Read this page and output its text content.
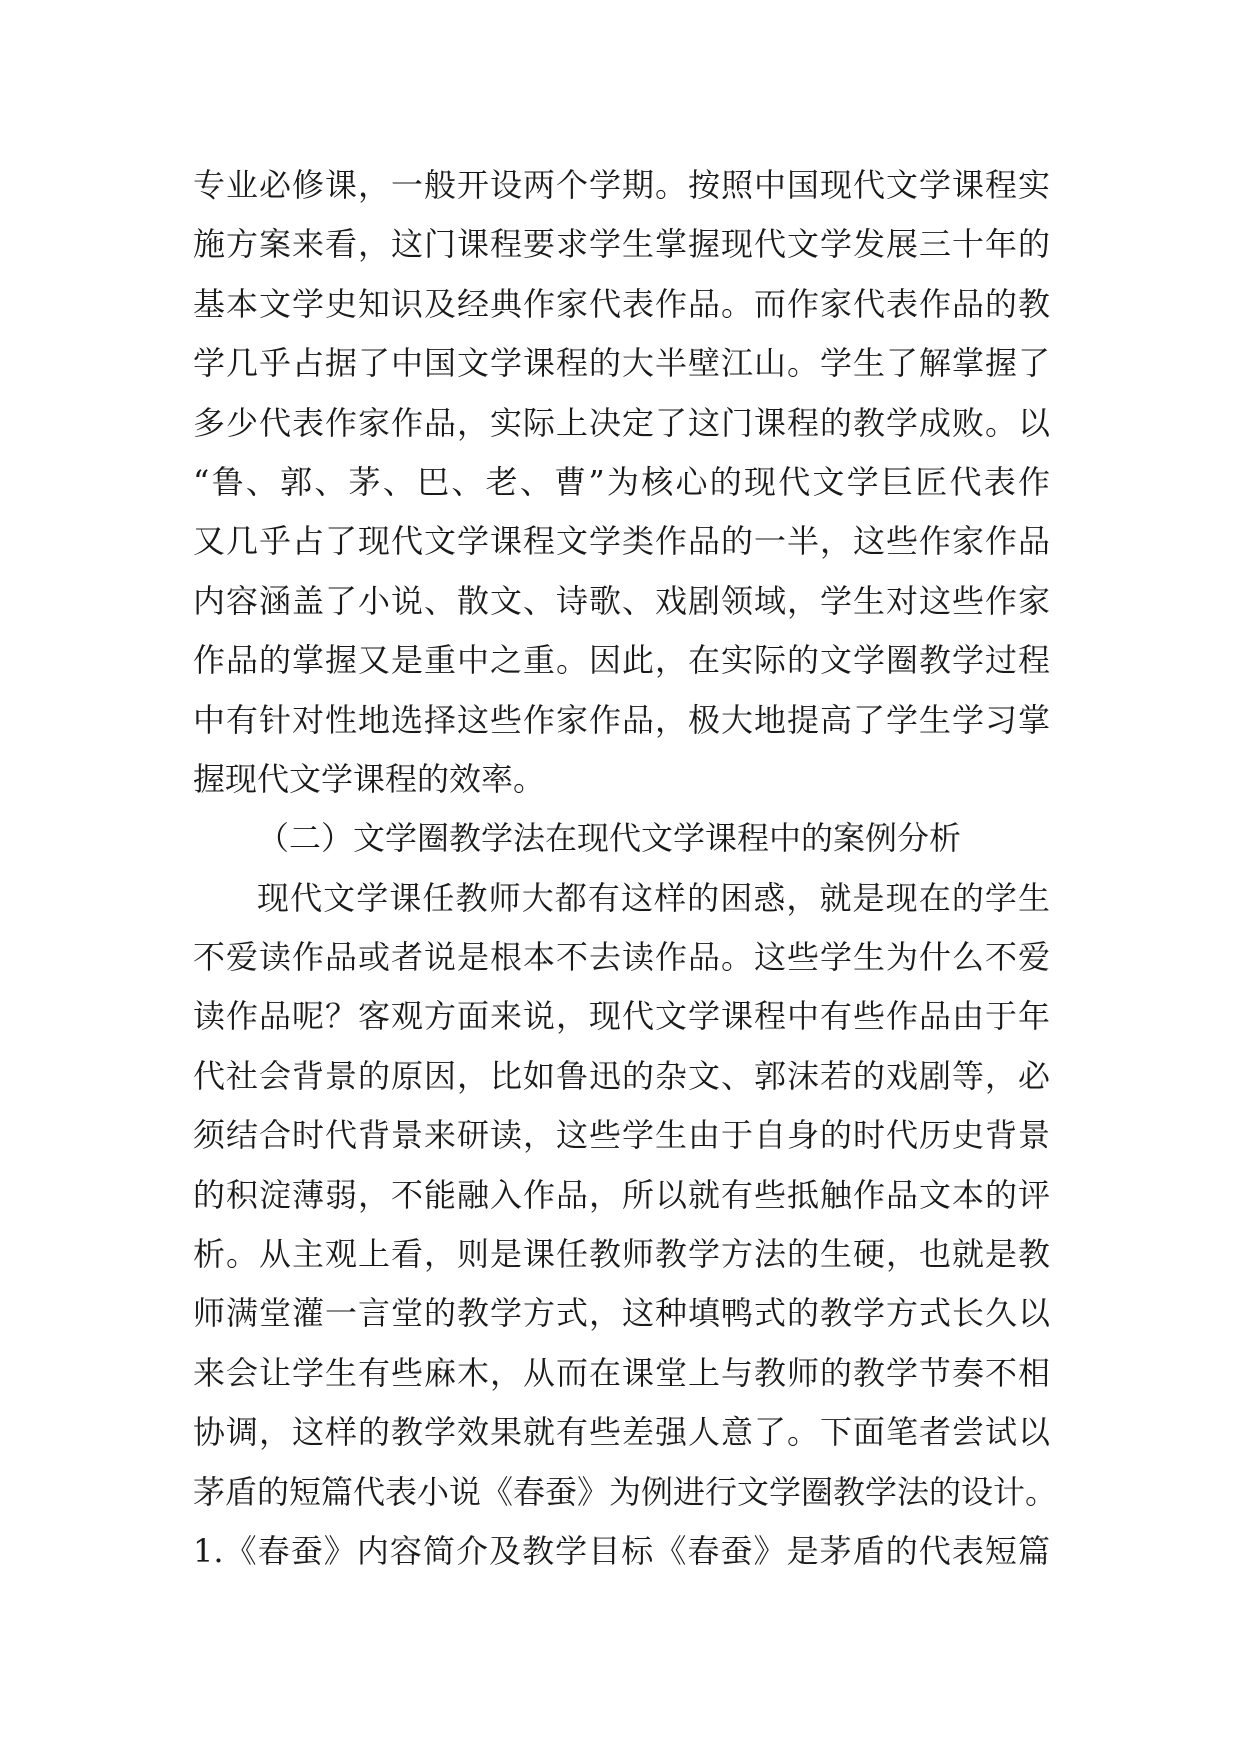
专业必修课，一般开设两个学期。按照中国现代文学课程实
施方案来看，这门课程要求学生掌握现代文学发展三十年的
基本文学史知识及经典作家代表作品。而作家代表作品的教
学几乎占据了中国文学课程的大半壁江山。学生了解掌握了
多少代表作家作品，实际上决定了这门课程的教学成败。以
“鲁、郭、茅、巴、老、曹”为核心的现代文学巨匠代表作
又几乎占了现代文学课程文学类作品的一半，这些作家作品
内容涵盖了小说、散文、诗歌、戏剧领域，学生对这些作家
作品的掌握又是重中之重。因此，在实际的文学圈教学过程
中有针对性地选择这些作家作品，极大地提高了学生学习掌
握现代文学课程的效率。
（二）文学圈教学法在现代文学课程中的案例分析
现代文学课任教师大都有这样的困惑，就是现在的学生
不爱读作品或者说是根本不去读作品。这些学生为什么不爱
读作品呢？客观方面来说，现代文学课程中有些作品由于年
代社会背景的原因，比如鲁迅的杂文、郭沫若的戏剧等，必
须结合时代背景来研读，这些学生由于自身的时代历史背景
的积淀薄弱，不能融入作品，所以就有些抵触作品文本的评
析。从主观上看，则是课任教师教学方法的生硬，也就是教
师满堂灌一言堂的教学方式，这种填鸭式的教学方式长久以
来会让学生有些麻木，从而在课堂上与教师的教学节奏不相
协调，这样的教学效果就有些差强人意了。下面笔者尝试以
茅盾的短篇代表小说《春蚕》为例进行文学圈教学法的设计。
1.《春蚕》内容简介及教学目标《春蚕》是茅盾的代表短篇
